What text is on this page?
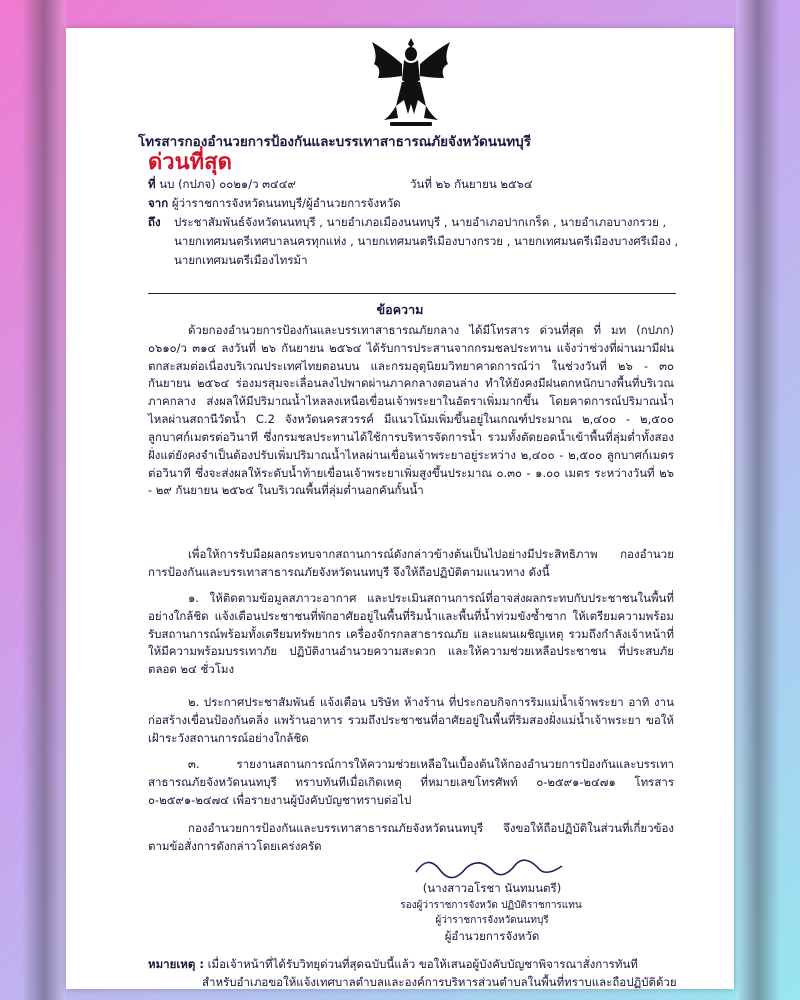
โทรสารกองอำนวยการป้องกันและบรรเทาสาธารณภัยจังหวัดนนทบุรี
ด่วนที่สุด
ที่ นบ (กปภจ) ๐๐๒๑/ว ๓๔๔๙	วันที่ ๒๖ กันยายน ๒๕๖๔
จาก ผู้ว่าราชการจังหวัดนนทบุรี/ผู้อำนวยการจังหวัด
ถึง ประชาสัมพันธ์จังหวัดนนทบุรี , นายอำเภอเมืองนนทบุรี , นายอำเภอปากเกร็ด , นายอำเภอบางกรวย ,
นายกเทศมนตรีเทศบาลนครทุกแห่ง , นายกเทศมนตรีเมืองบางกรวย , นายกเทศมนตรีเมืองบางศรีเมือง ,
นายกเทศมนตรีเมืองไทรม้า
ข้อความ
ด้วยกองอำนวยการป้องกันและบรรเทาสาธารณภัยกลาง ได้มีโทรสาร ด่วนที่สุด ที่ มท (กปภก) ๐๖๑๐/ว ๓๑๔ ลงวันที่ ๒๖ กันยายน ๒๕๖๔ ได้รับการประสานจากกรมชลประทาน แจ้งว่าช่วงที่ผ่านมามีฝนตกสะสมต่อเนื่องบริเวณประเทศไทยตอนบน และกรมอุตุนิยมวิทยาคาดการณ์ว่า ในช่วงวันที่ ๒๖ - ๓๐ กันยายน ๒๕๖๔ ร่องมรสุมจะเลื่อนลงไปพาดผ่านภาคกลางตอนล่าง ทำให้ยังคงมีฝนตกหนักบางพื้นที่บริเวณภาคกลาง ส่งผลให้มีปริมาณน้ำไหลลงเหนือเขื่อนเจ้าพระยาในอัตราเพิ่มมากขึ้น โดยคาดการณ์ปริมาณน้ำไหลผ่านสถานีวัดน้ำ C.2 จังหวัดนครสวรรค์ มีแนวโน้มเพิ่มขึ้นอยู่ในเกณฑ์ประมาณ ๒,๔๐๐ - ๒,๕๐๐ ลูกบาศก์เมตรต่อวินาที ซึ่งกรมชลประทานได้ใช้การบริหารจัดการน้ำ รวมทั้งตัดยอดน้ำเข้าพื้นที่ลุ่มต่ำทั้งสองฝั่งแต่ยังคงจำเป็นต้องปรับเพิ่มปริมาณน้ำไหลผ่านเขื่อนเจ้าพระยาอยู่ระหว่าง ๒,๔๐๐ - ๒,๕๐๐ ลูกบาศก์เมตรต่อวินาที ซึ่งจะส่งผลให้ระดับน้ำท้ายเขื่อนเจ้าพระยาเพิ่มสูงขึ้นประมาณ ๐.๓๐ - ๑.๐๐ เมตร ระหว่างวันที่ ๒๖ - ๒๙ กันยายน ๒๕๖๔ ในบริเวณพื้นที่ลุ่มต่ำนอกคันกั้นน้ำ
เพื่อให้การรับมือผลกระทบจากสถานการณ์ดังกล่าวข้างต้นเป็นไปอย่างมีประสิทธิภาพ กองอำนวยการป้องกันและบรรเทาสาธารณภัยจังหวัดนนทบุรี จึงให้ถือปฏิบัติตามแนวทาง ดังนี้
๑. ให้ติดตามข้อมูลสภาวะอากาศ และประเมินสถานการณ์ที่อาจส่งผลกระทบกับประชาชนในพื้นที่อย่างใกล้ชิด แจ้งเตือนประชาชนที่พักอาศัยอยู่ในพื้นที่ริมน้ำและพื้นที่น้ำท่วมขังซ้ำซาก ให้เตรียมความพร้อมรับสถานการณ์พร้อมทั้งเตรียมทรัพยากร เครื่องจักรกลสาธารณภัย และแผนเผชิญเหตุ รวมถึงกำลังเจ้าหน้าที่ให้มีความพร้อมบรรเทาภัย ปฏิบัติงานอำนวยความสะดวก และให้ความช่วยเหลือประชาชน ที่ประสบภัยตลอด ๒๔ ชั่วโมง
๒. ประกาศประชาสัมพันธ์ แจ้งเตือน บริษัท ห้างร้าน ที่ประกอบกิจการริมแม่น้ำเจ้าพระยา อาทิ งานก่อสร้างเขื่อนป้องกันตลิ่ง แพร้านอาหาร รวมถึงประชาชนที่อาศัยอยู่ในพื้นที่ริมสองฝั่งแม่น้ำเจ้าพระยา ขอให้เฝ้าระวังสถานการณ์อย่างใกล้ชิด
๓. รายงานสถานการณ์การให้ความช่วยเหลือในเบื้องต้นให้กองอำนวยการป้องกันและบรรเทาสาธารณภัยจังหวัดนนทบุรี ทราบทันทีเมื่อเกิดเหตุ ที่หมายเลขโทรศัพท์ ๐-๒๕๙๑-๒๔๗๑ โทรสาร ๐-๒๕๙๑-๒๔๗๔ เพื่อรายงานผู้บังคับบัญชาทราบต่อไป
กองอำนวยการป้องกันและบรรเทาสาธารณภัยจังหวัดนนทบุรี จึงขอให้ถือปฏิบัติในส่วนที่เกี่ยวข้องตามข้อสั่งการดังกล่าวโดยเคร่งครัด
(นางสาวอโรชา นันทมนตรี)
รองผู้ว่าราชการจังหวัด ปฏิบัติราชการแทน
ผู้ว่าราชการจังหวัดนนทบุรี
ผู้อำนวยการจังหวัด
หมายเหตุ : เมื่อเจ้าหน้าที่ได้รับวิทยุด่วนที่สุดฉบับนี้แล้ว ขอให้เสนอผู้บังคับบัญชาพิจารณาสั่งการทันที
สำหรับอำเภอขอให้แจ้งเทศบาลตำบลและองค์การบริหารส่วนตำบลในพื้นที่ทราบและถือปฏิบัติด้วย
